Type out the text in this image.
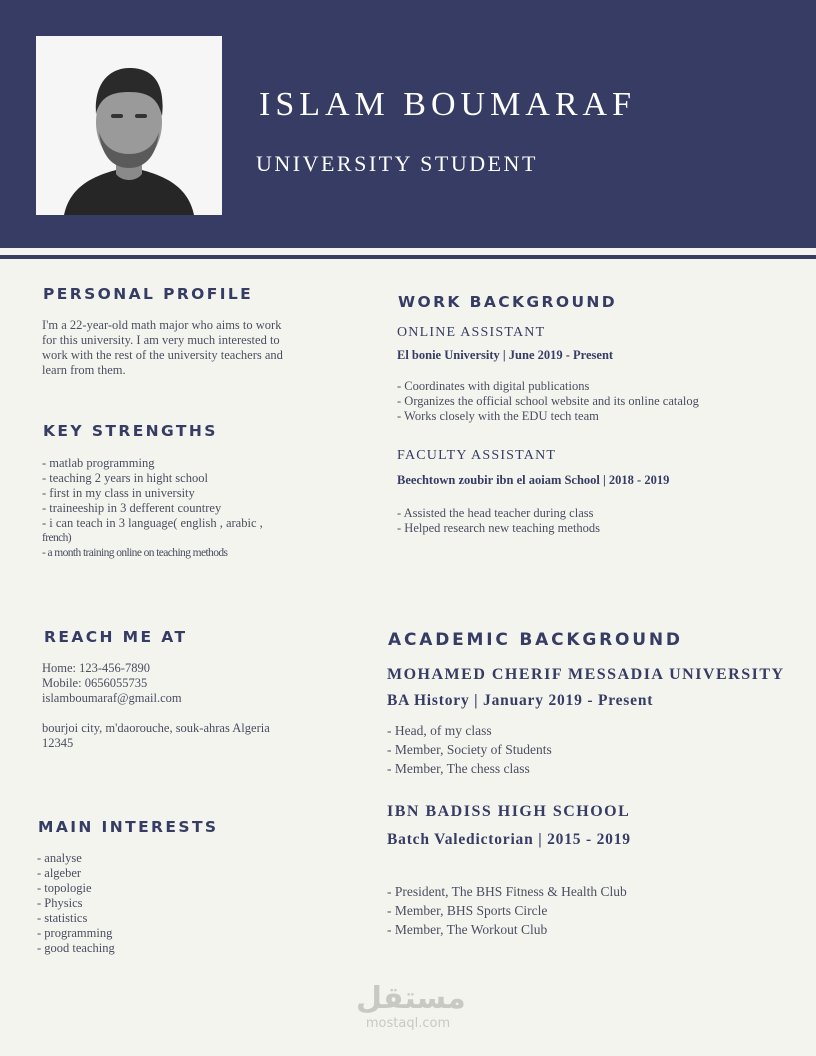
ISLAM BOUMARAF
UNIVERSITY STUDENT
PERSONAL PROFILE
I'm a 22-year-old math major who aims to work
for this university. I am very much interested to
work with the rest of the university teachers and
learn from them.
KEY STRENGTHS
- matlab programming
- teaching 2 years in hight school
- first in my class in university
- traineeship in 3 defferent countrey
- i can teach in 3 language( english , arabic ,
french)
- a month training online on teaching methods
REACH ME AT
Home: 123-456-7890
Mobile: 0656055735
islamboumaraf@gmail.com
bourjoi city, m'daorouche, souk-ahras Algeria
12345
MAIN INTERESTS
- analyse
- algeber
- topologie
- Physics
- statistics
- programming
- good teaching
WORK BACKGROUND
ONLINE ASSISTANT
El bonie University | June 2019 - Present
- Coordinates with digital publications
- Organizes the official school website and its online catalog
- Works closely with the EDU tech team
FACULTY ASSISTANT
Beechtown zoubir ibn el aoiam School | 2018 - 2019
- Assisted the head teacher during class
- Helped research new teaching methods
ACADEMIC BACKGROUND
MOHAMED CHERIF MESSADIA UNIVERSITY
BA History | January 2019 - Present
- Head, of my class
- Member, Society of Students
- Member, The chess class
IBN BADISS HIGH SCHOOL
Batch Valedictorian | 2015 - 2019
- President, The BHS Fitness & Health Club
- Member, BHS Sports Circle
- Member, The Workout Club
مستقل
mostaql.com
